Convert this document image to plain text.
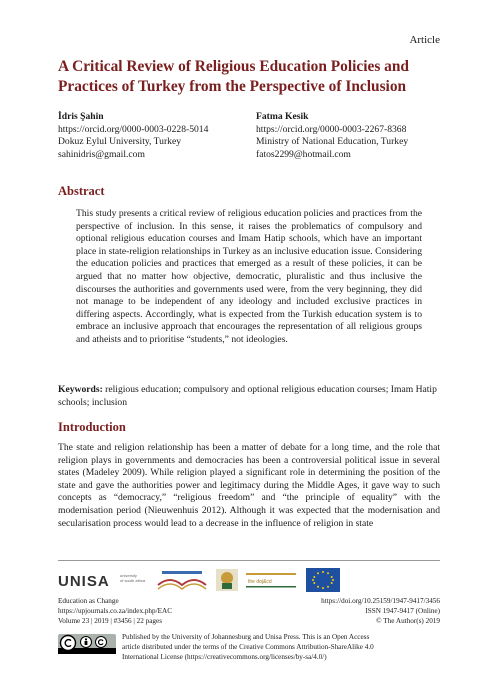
Article
A Critical Review of Religious Education Policies and Practices of Turkey from the Perspective of Inclusion
İdris Şahin
https://orcid.org/0000-0003-0228-5014
Dokuz Eylul University, Turkey
sahinidris@gmail.com
Fatma Kesik
https://orcid.org/0000-0003-2267-8368
Ministry of National Education, Turkey
fatos2299@hotmail.com
Abstract

This study presents a critical review of religious education policies and practices from the perspective of inclusion. In this sense, it raises the problematics of compulsory and optional religious education courses and Imam Hatip schools, which have an important place in state-religion relationships in Turkey as an inclusive education issue. Considering the education policies and practices that emerged as a result of these policies, it can be argued that no matter how objective, democratic, pluralistic and thus inclusive the discourses the authorities and governments used were, from the very beginning, they did not manage to be independent of any ideology and included exclusive practices in differing aspects. Accordingly, what is expected from the Turkish education system is to embrace an inclusive approach that encourages the representation of all religious groups and atheists and to prioritise “students,” not ideologies.

Keywords: religious education; compulsory and optional religious education courses; Imam Hatip schools; inclusion

Introduction

The state and religion relationship has been a matter of debate for a long time, and the role that religion plays in governments and democracies has been a controversial political issue in several states (Madeley 2009). While religion played a significant role in determining the position of the state and gave the authorities power and legitimacy during the Middle Ages, it gave way to such concepts as “democracy,” “religious freedom” and “the principle of equality” with the modernisation period (Nieuwenhuis 2012). Although it was expected that the modernisation and secularisation process would lead to a decrease in the influence of religion in state

UNISA	university
of south africa	the doj&cd
Education as Change
https://upjournals.co.za/index.php/EAC
Volume 23 | 2019 | #3456 | 22 pages
https://doi.org/10.25159/1947-9417/3456
ISSN 1947-9417 (Online)
© The Author(s) 2019
Published by the University of Johannesburg and Unisa Press. This is an Open Access
article distributed under the terms of the Creative Commons Attribution-ShareAlike 4.0
International License (https://creativecommons.org/licenses/by-sa/4.0/)
